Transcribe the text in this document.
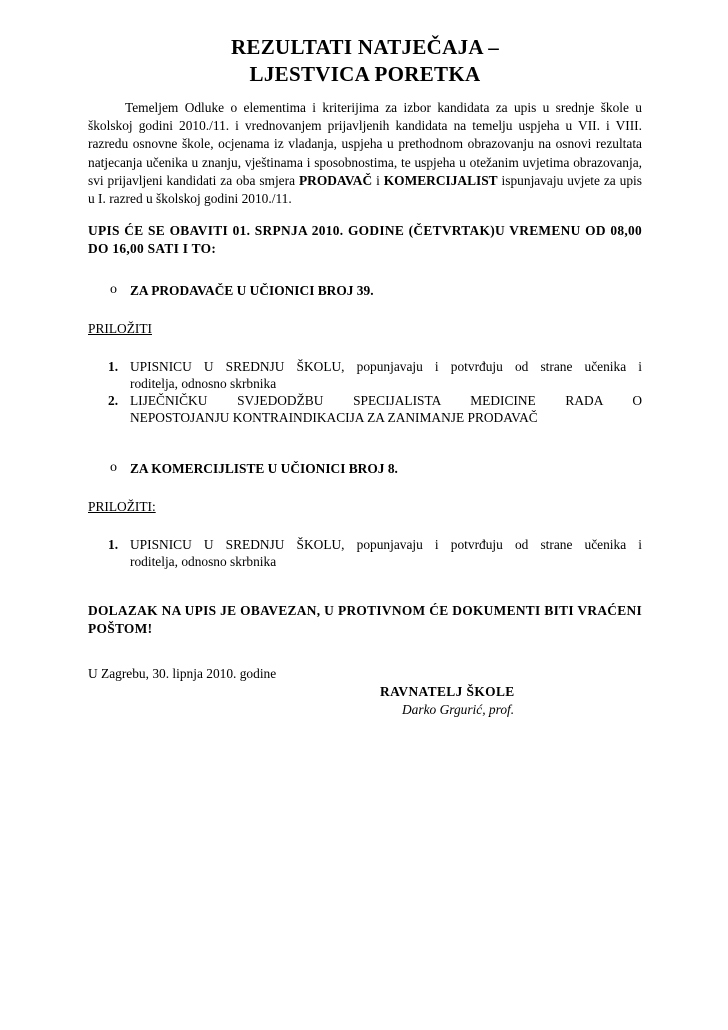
REZULTATI NATJEČAJA –
LJESTVICA PORETKA

Temeljem Odluke o elementima i kriterijima za izbor kandidata za upis u srednje škole u školskoj godini 2010./11. i vrednovanjem prijavljenih kandidata na temelju uspjeha u VII. i VIII. razredu osnovne škole, ocjenama iz vladanja, uspjeha u prethodnom obrazovanju na osnovi rezultata natjecanja učenika u znanju, vještinama i sposobnostima, te uspjeha u otežanim uvjetima obrazovanja, svi prijavljeni kandidati za oba smjera PRODAVAČ i KOMERCIJALIST ispunjavaju uvjete za upis u I. razred u školskoj godini 2010./11.

UPIS ĆE SE OBAVITI 01. SRPNJA 2010. GODINE (ČETVRTAK)U VREMENU OD 08,00 DO 16,00 SATI I TO:

o ZA PRODAVAČE U UČIONICI BROJ 39.
PRILOŽITI
1. UPISNICU U SREDNJU ŠKOLU, popunjavaju i potvrđuju od strane učenika i
roditelja, odnosno skrbnika
2. LIJEČNIČKU SVJEDODŽBU SPECIJALISTA MEDICINE RADA O
NEPOSTOJANJU KONTRAINDIKACIJA ZA ZANIMANJE PRODAVAČ
o ZA KOMERCIJLISTE U UČIONICI BROJ 8.
PRILOŽITI:
1. UPISNICU U SREDNJU ŠKOLU, popunjavaju i potvrđuju od strane učenika i
roditelja, odnosno skrbnika

DOLAZAK NA UPIS JE OBAVEZAN, U PROTIVNOM ĆE DOKUMENTI BITI VRAĆENI POŠTOM!

U Zagrebu, 30. lipnja 2010. godine
RAVNATELJ ŠKOLE
Darko Grgurić, prof.
